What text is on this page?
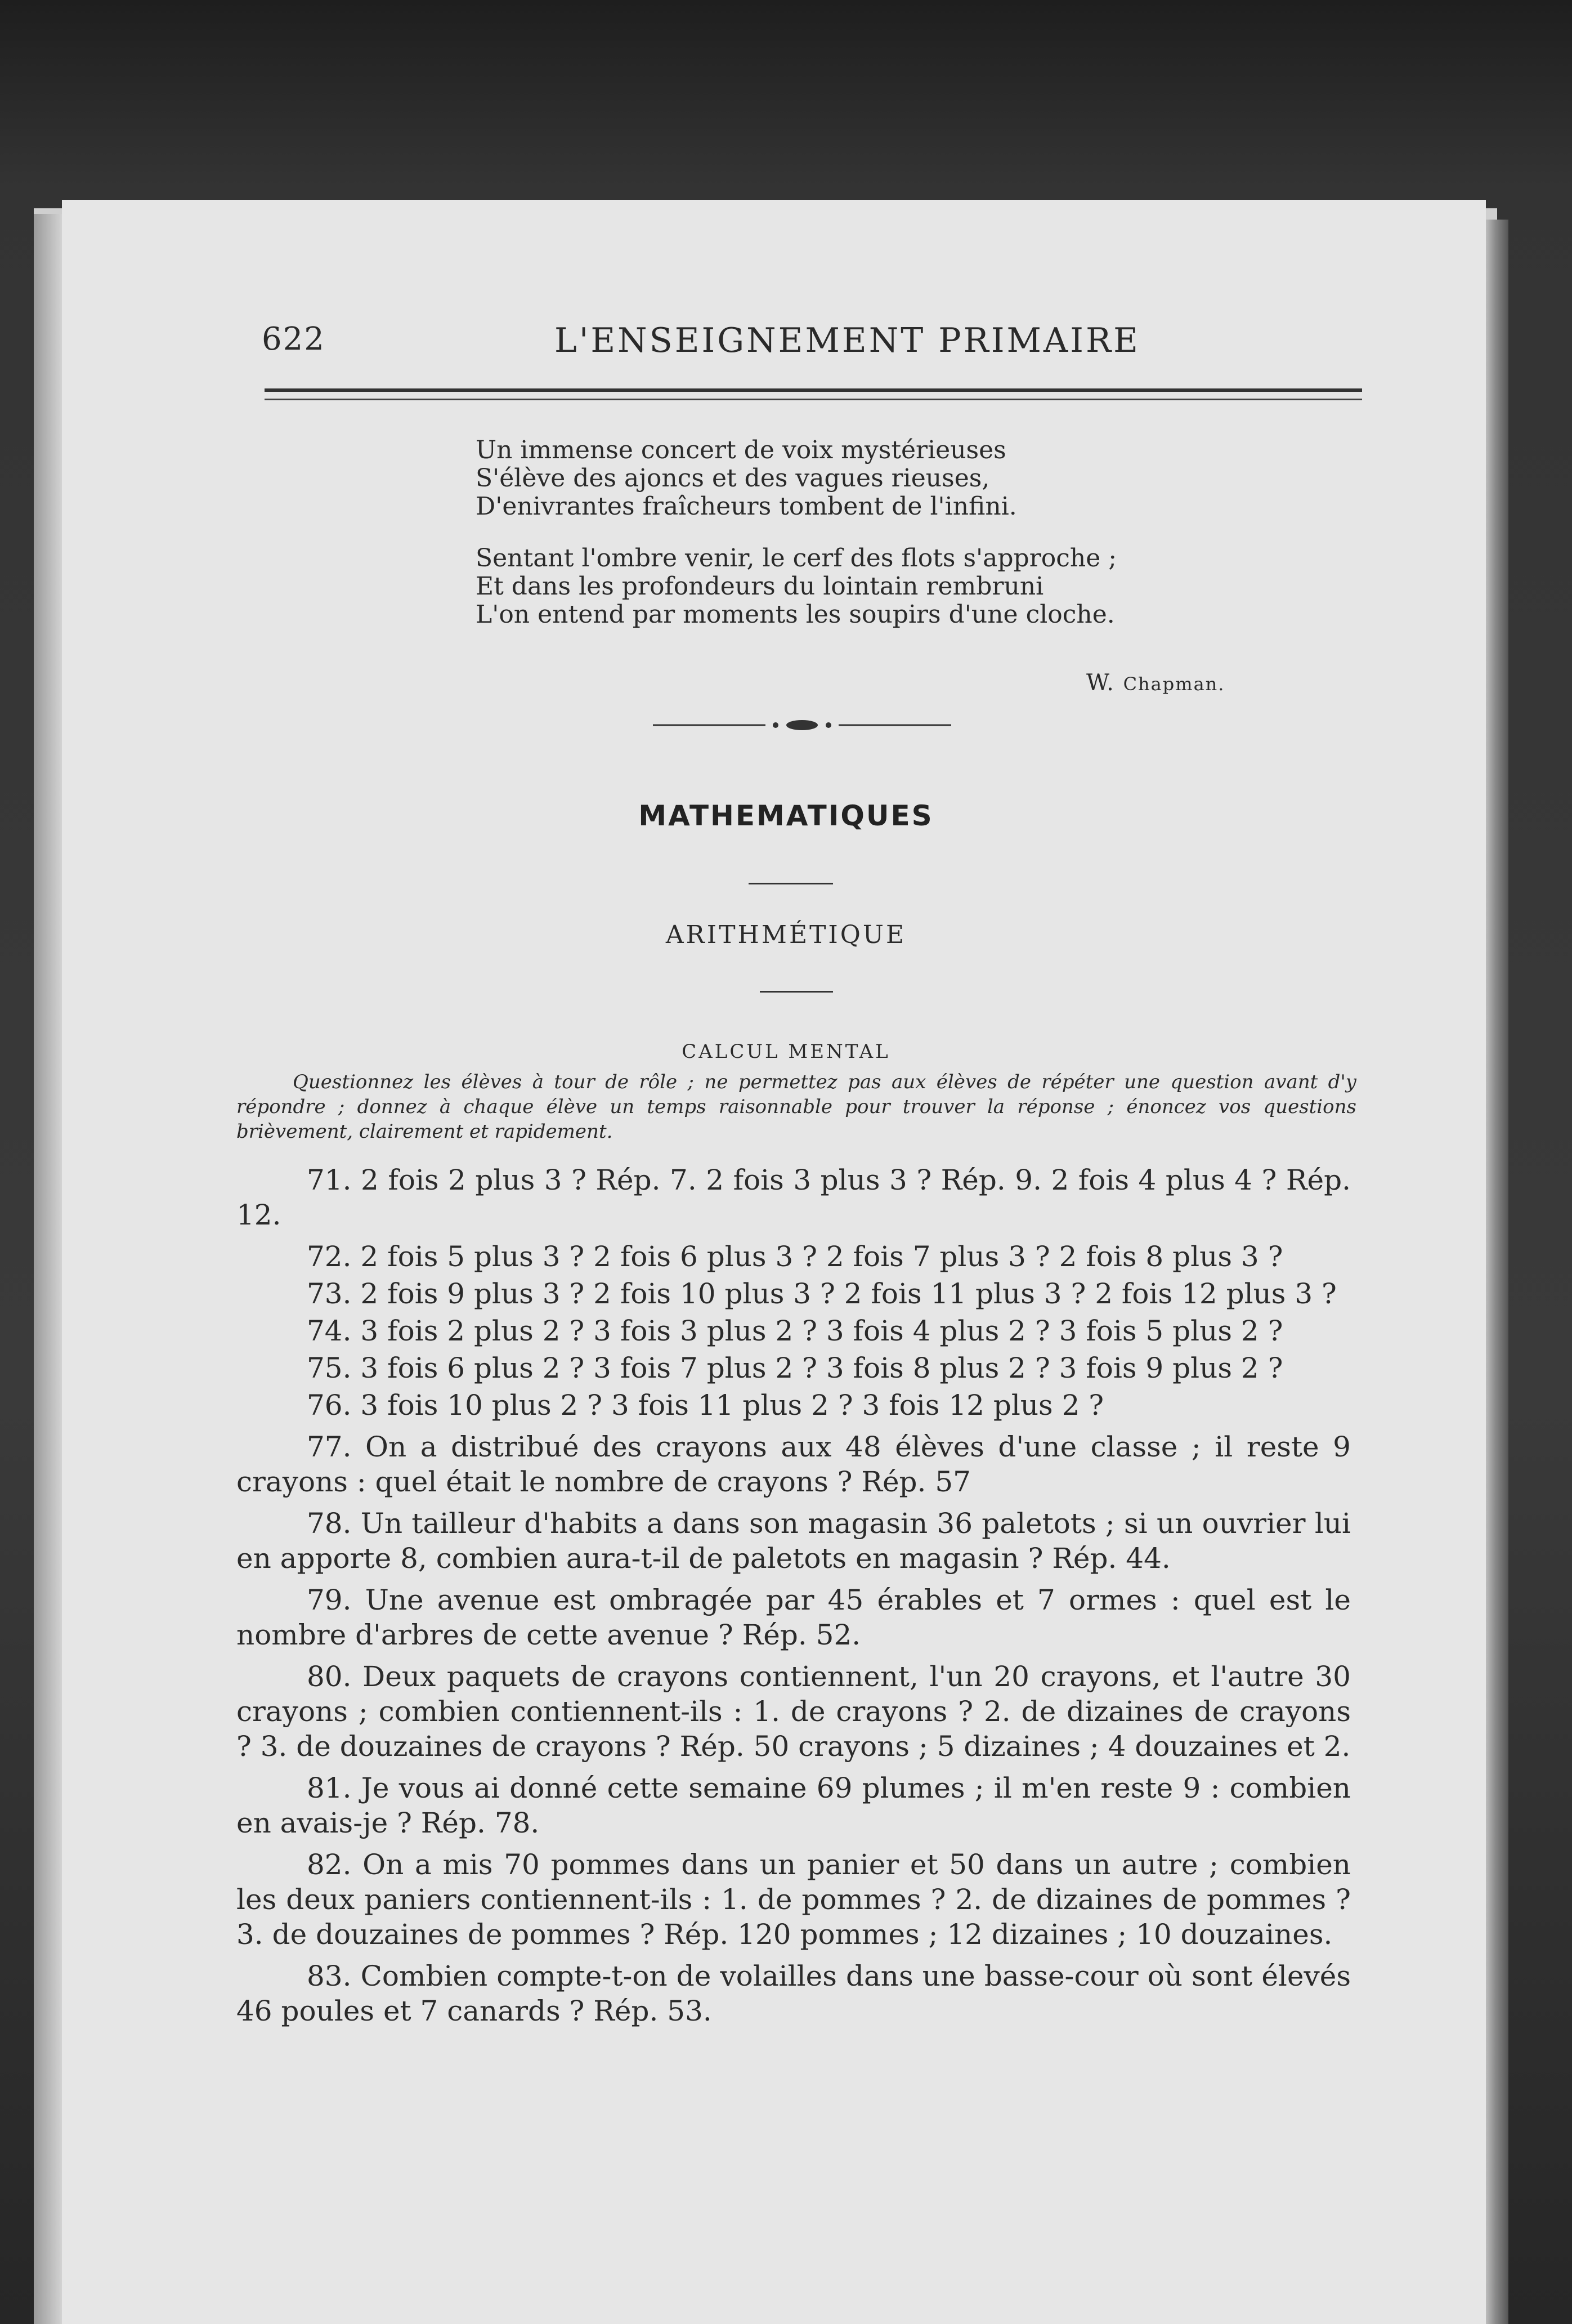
622	L'ENSEIGNEMENT PRIMAIRE
Un immense concert de voix mystérieuses
S'élève des ajoncs et des vagues rieuses,
D'enivrantes fraîcheurs tombent de l'infini.
Sentant l'ombre venir, le cerf des flots s'approche ;
Et dans les profondeurs du lointain rembruni
L'on entend par moments les soupirs d'une cloche.
W. Chapman.
MATHEMATIQUES
ARITHMÉTIQUE
CALCUL MENTAL

Questionnez les élèves à tour de rôle ; ne permettez pas aux élèves de répéter une question avant d'y répondre ; donnez à chaque élève un temps raisonnable pour trouver la réponse ; énoncez vos questions brièvement, clairement et rapidement.

71. 2 fois 2 plus 3 ? Rép. 7. 2 fois 3 plus 3 ? Rép. 9. 2 fois 4 plus 4 ? Rép. 12.

72. 2 fois 5 plus 3 ? 2 fois 6 plus 3 ? 2 fois 7 plus 3 ? 2 fois 8 plus 3 ?

73. 2 fois 9 plus 3 ? 2 fois 10 plus 3 ? 2 fois 11 plus 3 ? 2 fois 12 plus 3 ?

74. 3 fois 2 plus 2 ? 3 fois 3 plus 2 ? 3 fois 4 plus 2 ? 3 fois 5 plus 2 ?

75. 3 fois 6 plus 2 ? 3 fois 7 plus 2 ? 3 fois 8 plus 2 ? 3 fois 9 plus 2 ?

76. 3 fois 10 plus 2 ? 3 fois 11 plus 2 ? 3 fois 12 plus 2 ?

77. On a distribué des crayons aux 48 élèves d'une classe ; il reste 9 crayons : quel était le nombre de crayons ? Rép. 57

78. Un tailleur d'habits a dans son magasin 36 paletots ; si un ouvrier lui en apporte 8, combien aura-t-il de paletots en magasin ? Rép. 44.

79. Une avenue est ombragée par 45 érables et 7 ormes : quel est le nombre d'arbres de cette avenue ? Rép. 52.

80. Deux paquets de crayons contiennent, l'un 20 crayons, et l'autre 30 crayons ; combien contiennent-ils : 1. de crayons ? 2. de dizaines de crayons ? 3. de douzaines de crayons ? Rép. 50 crayons ; 5 dizaines ; 4 douzaines et 2.

81. Je vous ai donné cette semaine 69 plumes ; il m'en reste 9 : combien en avais-je ? Rép. 78.

82. On a mis 70 pommes dans un panier et 50 dans un autre ; combien les deux paniers contiennent-ils : 1. de pommes ? 2. de dizaines de pommes ? 3. de douzaines de pommes ? Rép. 120 pommes ; 12 dizaines ; 10 douzaines.

83. Combien compte-t-on de volailles dans une basse-cour où sont élevés 46 poules et 7 canards ? Rép. 53.
